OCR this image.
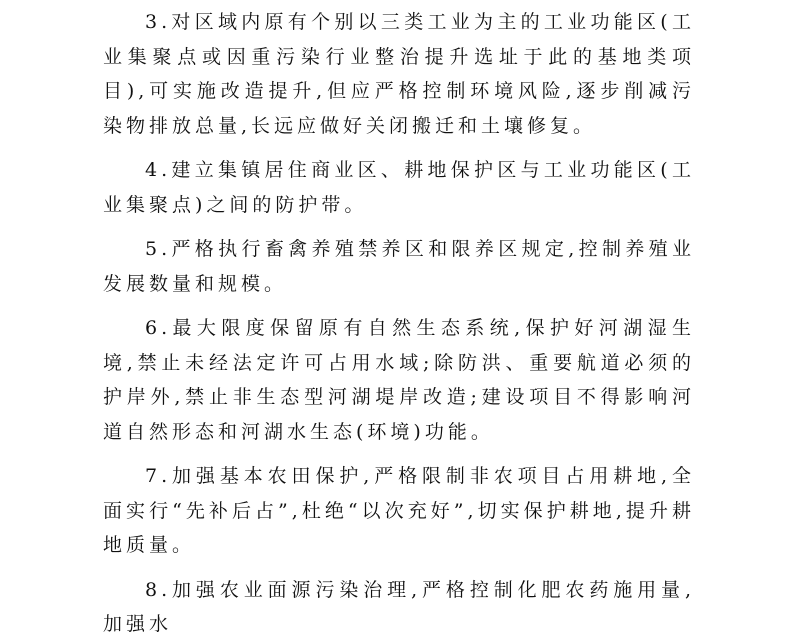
3.对区域内原有个别以三类工业为主的工业功能区(工业集聚点或因重污染行业整治提升选址于此的基地类项目),可实施改造提升,但应严格控制环境风险,逐步削减污染物排放总量,长远应做好关闭搬迁和土壤修复。

4.建立集镇居住商业区、耕地保护区与工业功能区(工业集聚点)之间的防护带。

5.严格执行畜禽养殖禁养区和限养区规定,控制养殖业发展数量和规模。

6.最大限度保留原有自然生态系统,保护好河湖湿生境,禁止未经法定许可占用水域;除防洪、重要航道必须的护岸外,禁止非生态型河湖堤岸改造;建设项目不得影响河道自然形态和河湖水生态(环境)功能。

7.加强基本农田保护,严格限制非农项目占用耕地,全面实行“先补后占”,杜绝“以次充好”,切实保护耕地,提升耕地质量。

8.加强农业面源污染治理,严格控制化肥农药施用量,加强水
